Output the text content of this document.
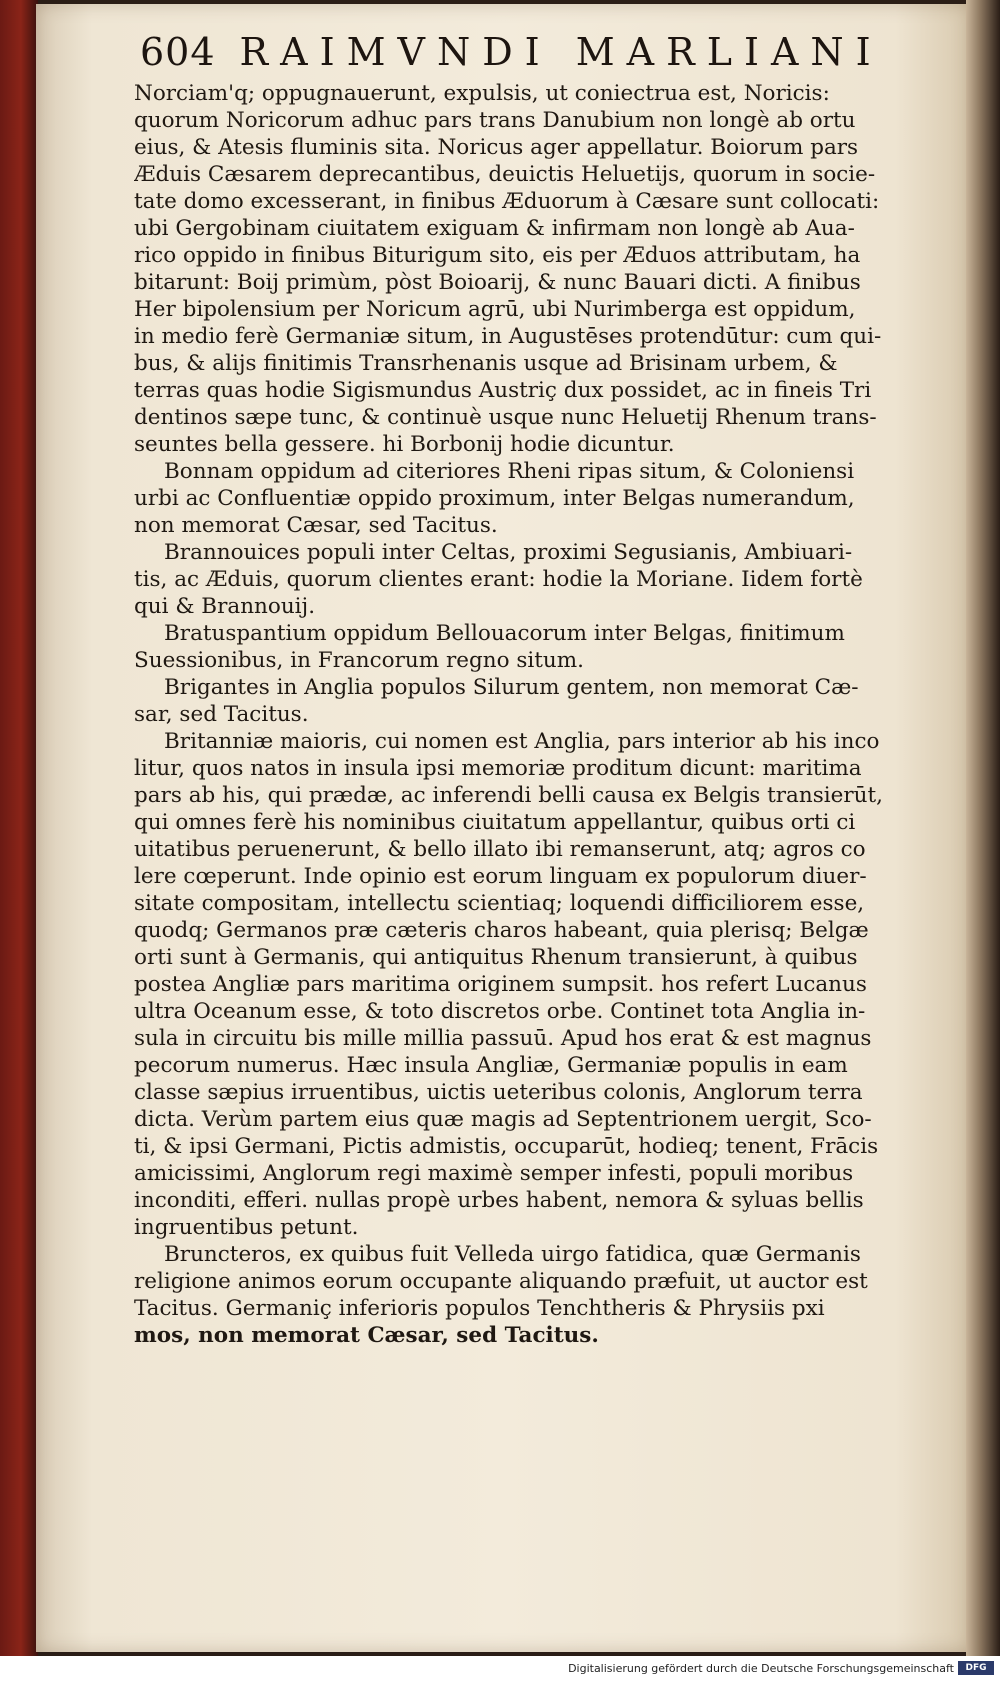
604 RAIMVNDI MARLIANI
Norciam'q; oppugnauerunt, expulsis, ut coniectrua est, Noricis:
quorum Noricorum adhuc pars trans Danubium non longè ab ortu
eius, & Atesis fluminis sita. Noricus ager appellatur. Boiorum pars
Æduis Cæsarem deprecantibus, deuictis Heluetijs, quorum in socie-
tate domo excesserant, in finibus Æduorum à Cæsare sunt collocati:
ubi Gergobinam ciuitatem exiguam & infirmam non longè ab Aua-
rico oppido in finibus Biturigum sito, eis per Æduos attributam, ha
bitarunt: Boij primùm, pòst Boioarij, & nunc Bauari dicti. A finibus
Her bipolensium per Noricum agrū, ubi Nurimberga est oppidum,
in medio ferè Germaniæ situm, in Augustēses protendūtur: cum qui-
bus, & alijs finitimis Transrhenanis usque ad Brisinam urbem, &
terras quas hodie Sigismundus Austriç dux possidet, ac in fineis Tri
dentinos sæpe tunc, & continuè usque nunc Heluetij Rhenum trans-
seuntes bella gessere. hi Borbonij hodie dicuntur.
Bonnam oppidum ad citeriores Rheni ripas situm, & Coloniensi
urbi ac Confluentiæ oppido proximum, inter Belgas numerandum,
non memorat Cæsar, sed Tacitus.
Brannouices populi inter Celtas, proximi Segusianis, Ambiuari-
tis, ac Æduis, quorum clientes erant: hodie la Moriane. Iidem fortè
qui & Brannouij.
Bratuspantium oppidum Bellouacorum inter Belgas, finitimum
Suessionibus, in Francorum regno situm.
Brigantes in Anglia populos Silurum gentem, non memorat Cæ-
sar, sed Tacitus.
Britanniæ maioris, cui nomen est Anglia, pars interior ab his inco
litur, quos natos in insula ipsi memoriæ proditum dicunt: maritima
pars ab his, qui prædæ, ac inferendi belli causa ex Belgis transierūt,
qui omnes ferè his nominibus ciuitatum appellantur, quibus orti ci
uitatibus peruenerunt, & bello illato ibi remanserunt, atq; agros co
lere cœperunt. Inde opinio est eorum linguam ex populorum diuer-
sitate compositam, intellectu scientiaq; loquendi difficiliorem esse,
quodq; Germanos præ cæteris charos habeant, quia plerisq; Belgæ
orti sunt à Germanis, qui antiquitus Rhenum transierunt, à quibus
postea Angliæ pars maritima originem sumpsit. hos refert Lucanus
ultra Oceanum esse, & toto discretos orbe. Continet tota Anglia in-
sula in circuitu bis mille millia passuū. Apud hos erat & est magnus
pecorum numerus. Hæc insula Angliæ, Germaniæ populis in eam
classe sæpius irruentibus, uictis ueteribus colonis, Anglorum terra
dicta. Verùm partem eius quæ magis ad Septentrionem uergit, Sco-
ti, & ipsi Germani, Pictis admistis, occuparūt, hodieq; tenent, Frācis
amicissimi, Anglorum regi maximè semper infesti, populi moribus
inconditi, efferi. nullas propè urbes habent, nemora & syluas bellis
ingruentibus petunt.
Brunсteros, ex quibus fuit Velleda uirgo fatidica, quæ Germanis
religione animos eorum occupante aliquando præfuit, ut auctor est
Tacitus. Germaniç inferioris populos Tenchtheris & Phrysiis pxi
mos, non memorat Cæsar, sed Tacitus.
Digitalisierung gefördert durch die Deutsche Forschungsgemeinschaft	DFG
